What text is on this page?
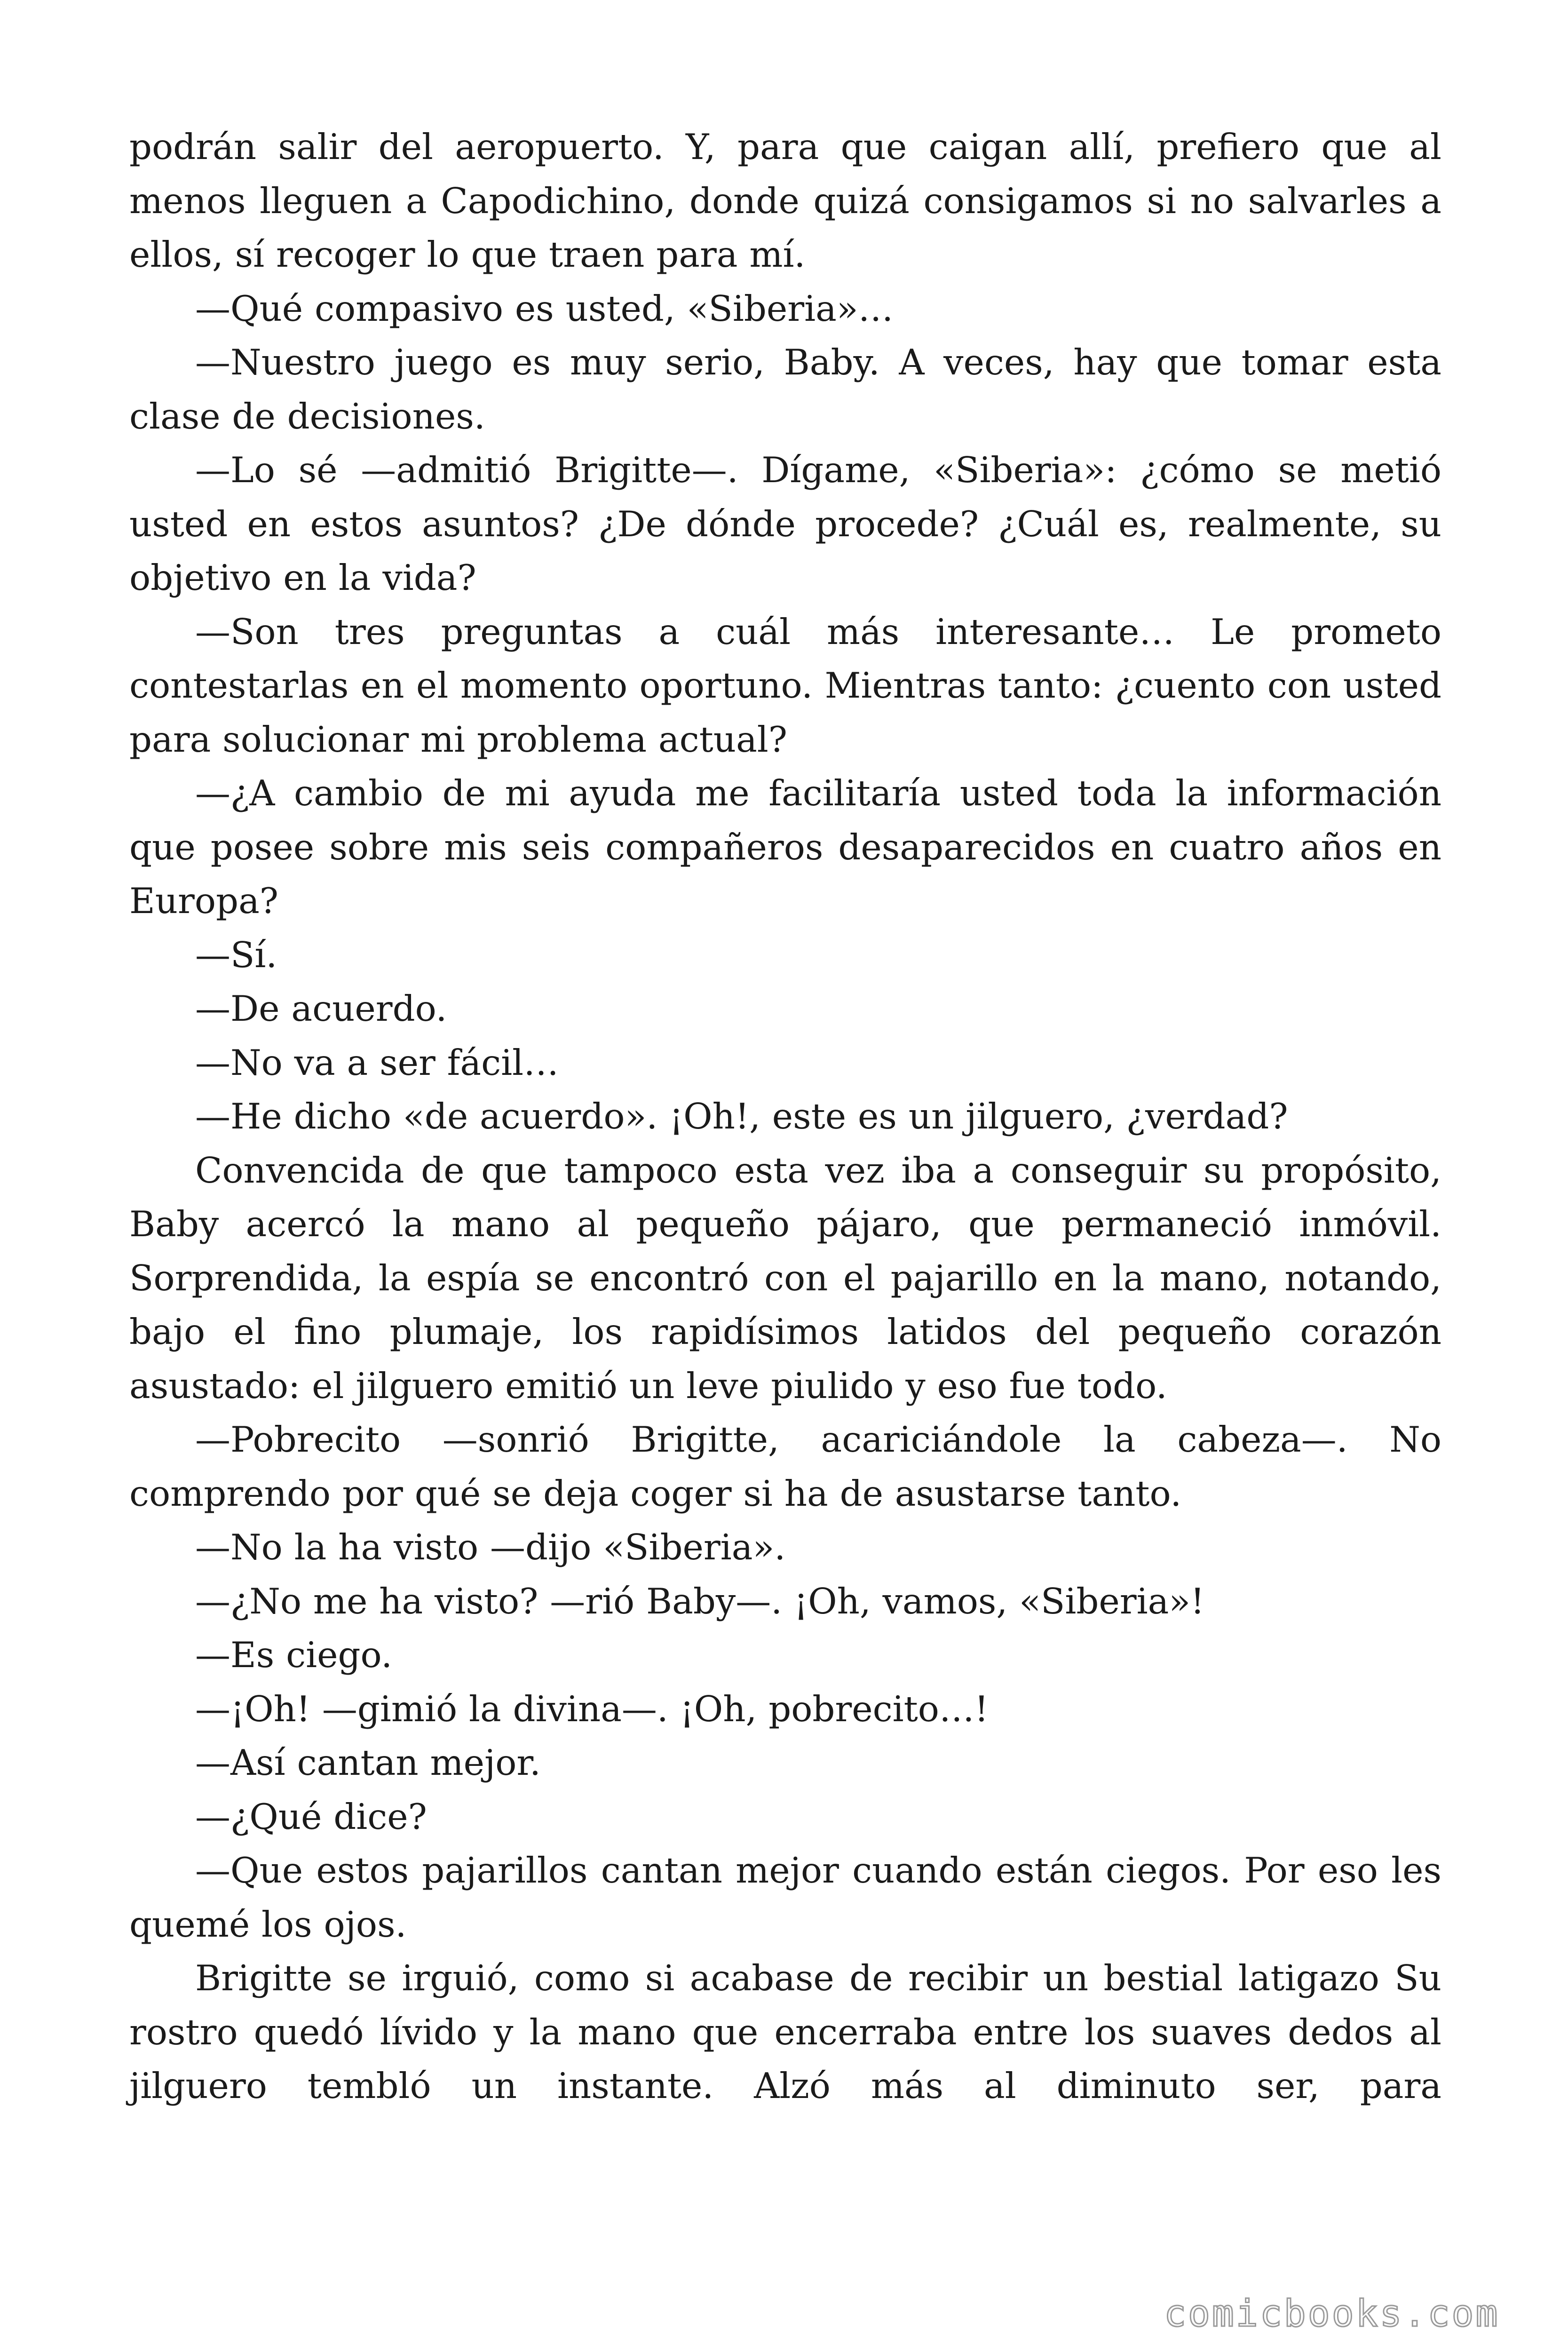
podrán salir del aeropuerto. Y, para que caigan allí, prefiero que al menos lleguen a Capodichino, donde quizá consigamos si no salvarles a ellos, sí recoger lo que traen para mí.

—Qué compasivo es usted, «Siberia»…

—Nuestro juego es muy serio, Baby. A veces, hay que tomar esta clase de decisiones.

—Lo sé —admitió Brigitte—. Dígame, «Siberia»: ¿cómo se metió usted en estos asuntos? ¿De dónde procede? ¿Cuál es, realmente, su objetivo en la vida?

—Son tres preguntas a cuál más interesante… Le prometo contestarlas en el momento oportuno. Mientras tanto: ¿cuento con usted para solucionar mi problema actual?

—¿A cambio de mi ayuda me facilitaría usted toda la información que posee sobre mis seis compañeros desaparecidos en cuatro años en Europa?

—Sí.

—De acuerdo.

—No va a ser fácil…

—He dicho «de acuerdo». ¡Oh!, este es un jilguero, ¿verdad?

Convencida de que tampoco esta vez iba a conseguir su propósito, Baby acercó la mano al pequeño pájaro, que permaneció inmóvil. Sorprendida, la espía se encontró con el pajarillo en la mano, notando, bajo el fino plumaje, los rapidísimos latidos del pequeño corazón asustado: el jilguero emitió un leve piulido y eso fue todo.

—Pobrecito —sonrió Brigitte, acariciándole la cabeza—. No comprendo por qué se deja coger si ha de asustarse tanto.

—No la ha visto —dijo «Siberia».

—¿No me ha visto? —rió Baby—. ¡Oh, vamos, «Siberia»!

—Es ciego.

—¡Oh! —gimió la divina—. ¡Oh, pobrecito…!

—Así cantan mejor.

—¿Qué dice?

—Que estos pajarillos cantan mejor cuando están ciegos. Por eso les quemé los ojos.

Brigitte se irguió, como si acabase de recibir un bestial latigazo Su rostro quedó lívido y la mano que encerraba entre los suaves dedos al jilguero tembló un instante. Alzó más al diminuto ser, para

comicbooks.com
